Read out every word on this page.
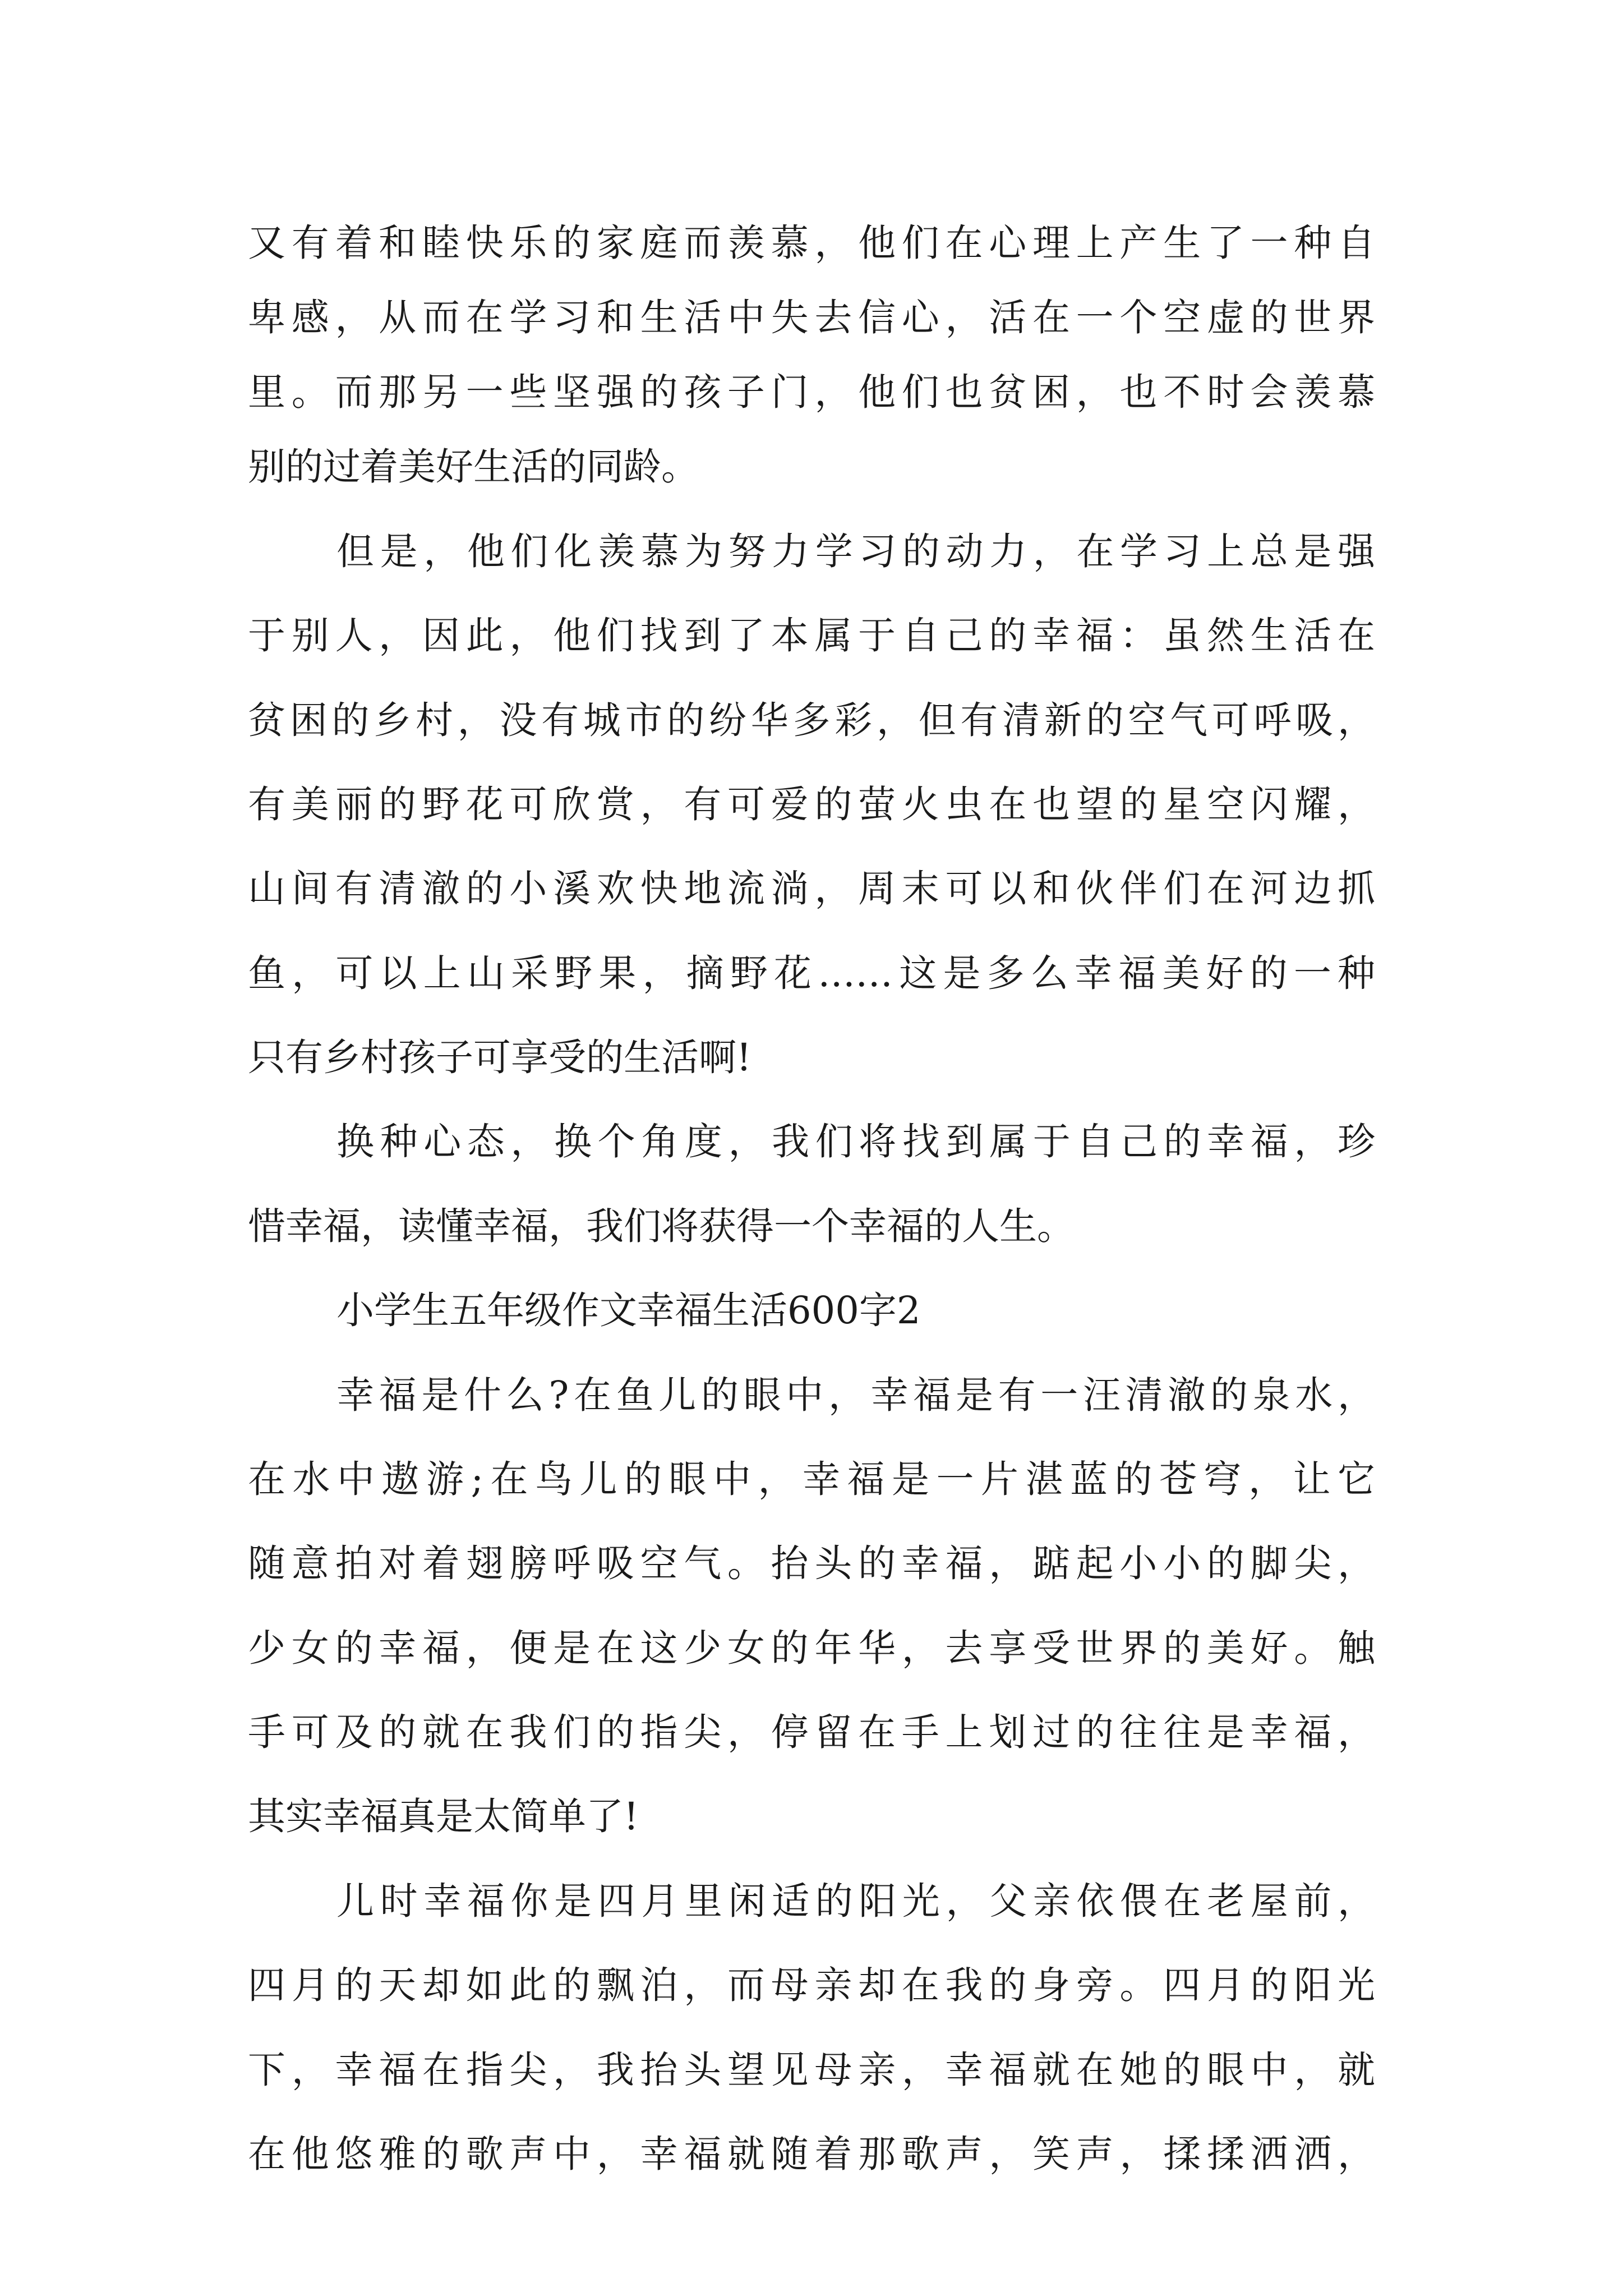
又有着和睦快乐的家庭而羡慕，他们在心理上产生了一种自
卑感，从而在学习和生活中失去信心，活在一个空虚的世界
里。而那另一些坚强的孩子门，他们也贫困，也不时会羡慕
别的过着美好生活的同龄。
但是，他们化羡慕为努力学习的动力，在学习上总是强
于别人，因此，他们找到了本属于自己的幸福：虽然生活在
贫困的乡村，没有城市的纷华多彩，但有清新的空气可呼吸，
有美丽的野花可欣赏，有可爱的萤火虫在也望的星空闪耀，
山间有清澈的小溪欢快地流淌，周末可以和伙伴们在河边抓
鱼，可以上山采野果，摘野花……这是多么幸福美好的一种
只有乡村孩子可享受的生活啊!
换种心态，换个角度，我们将找到属于自己的幸福，珍
惜幸福，读懂幸福，我们将获得一个幸福的人生。
小学生五年级作文幸福生活600字2
幸福是什么?在鱼儿的眼中，幸福是有一汪清澈的泉水，
在水中遨游;在鸟儿的眼中，幸福是一片湛蓝的苍穹，让它
随意拍对着翅膀呼吸空气。抬头的幸福，踮起小小的脚尖，
少女的幸福，便是在这少女的年华，去享受世界的美好。触
手可及的就在我们的指尖，停留在手上划过的往往是幸福，
其实幸福真是太简单了!
儿时幸福你是四月里闲适的阳光，父亲依偎在老屋前，
四月的天却如此的飘泊，而母亲却在我的身旁。四月的阳光
下，幸福在指尖，我抬头望见母亲，幸福就在她的眼中，就
在他悠雅的歌声中，幸福就随着那歌声，笑声，揉揉洒洒，
